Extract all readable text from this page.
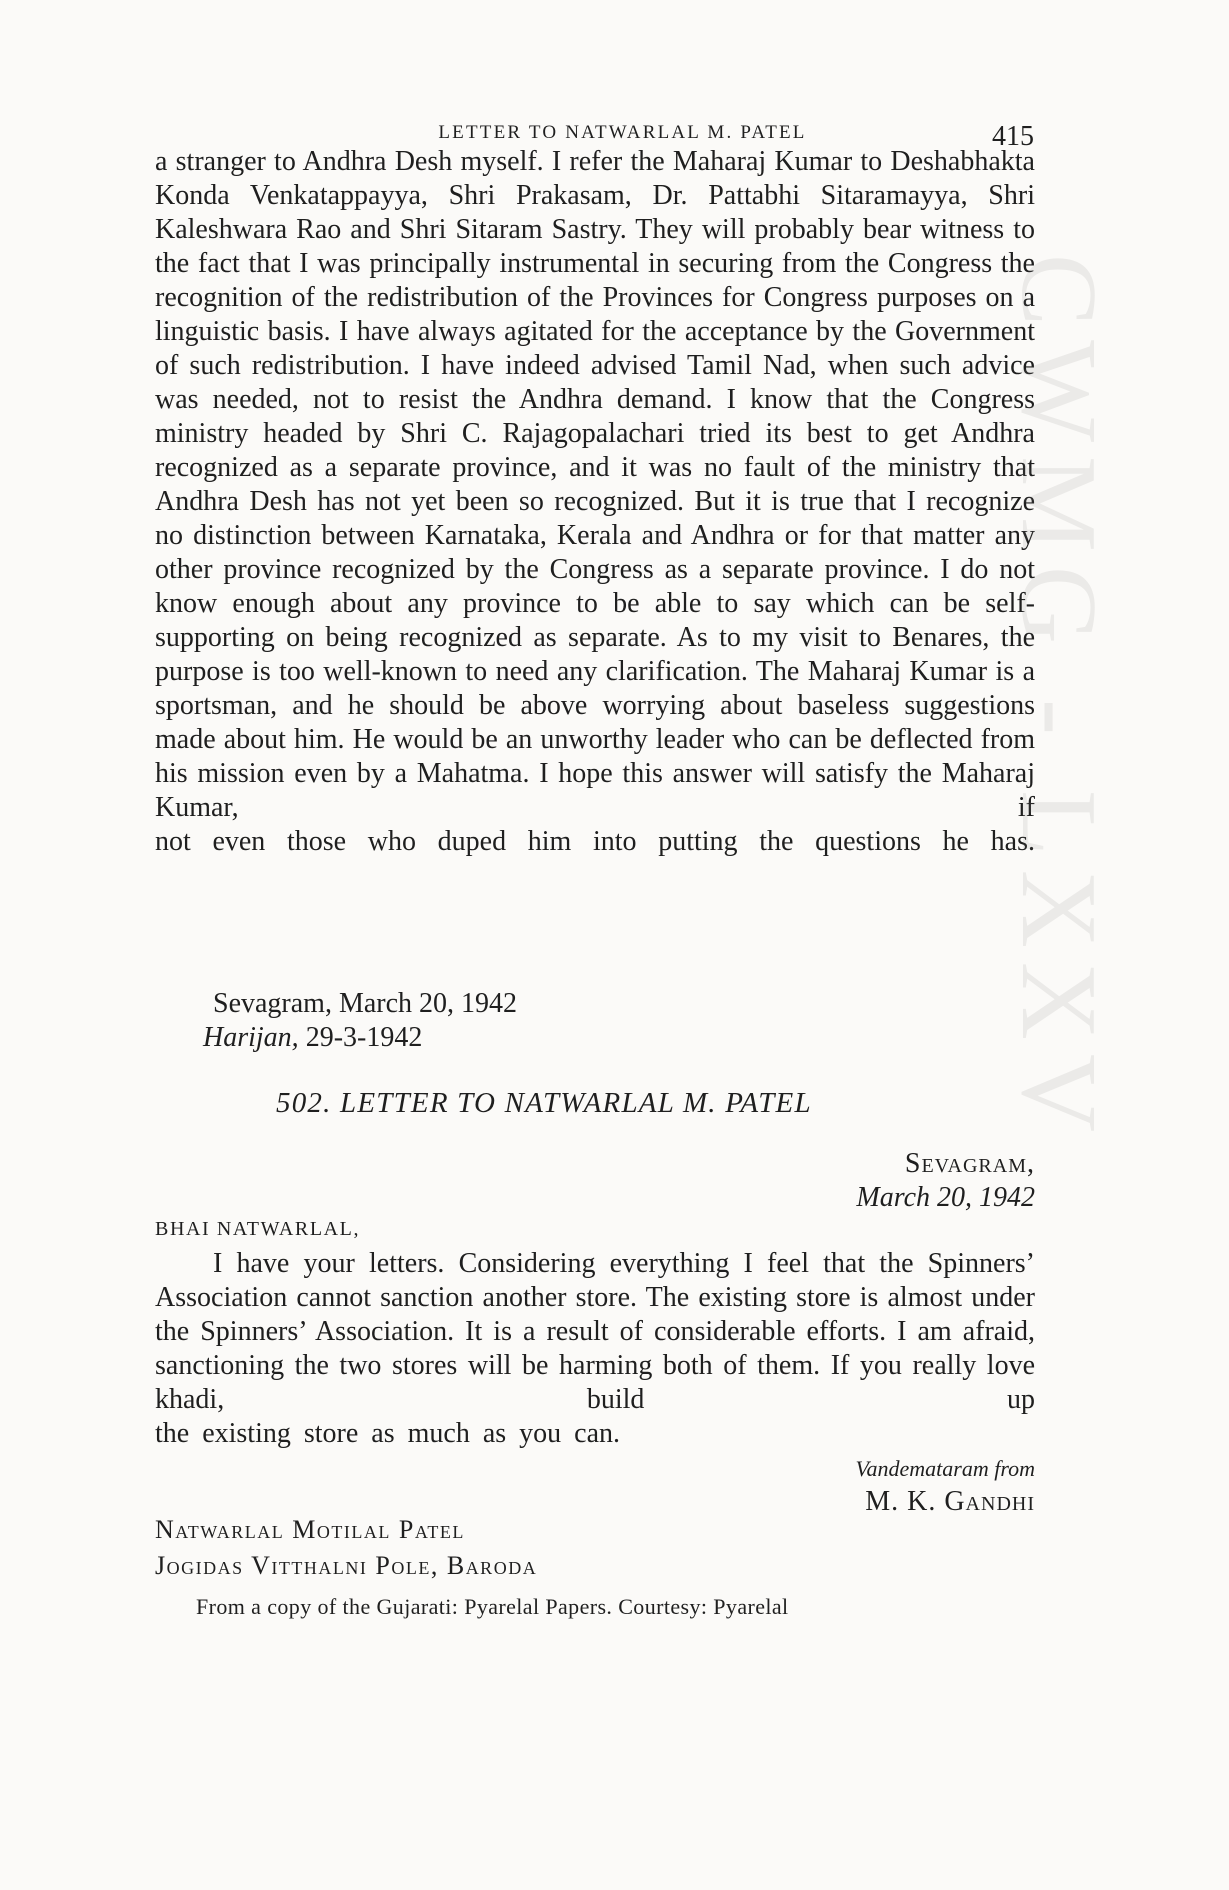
LETTER TO NATWARLAL M. PATEL	415
a stranger to Andhra Desh myself. I refer the Maharaj Kumar to Deshabhakta Konda Venkatappayya, Shri Prakasam, Dr. Pattabhi Sitaramayya, Shri Kaleshwara Rao and Shri Sitaram Sastry. They will probably bear witness to the fact that I was principally instrumental in securing from the Congress the recognition of the redistribution of the Provinces for Congress purposes on a linguistic basis. I have always agitated for the acceptance by the Government of such redistribution. I have indeed advised Tamil Nad, when such advice was needed, not to resist the Andhra demand. I know that the Congress ministry headed by Shri C. Rajagopalachari tried its best to get Andhra recognized as a separate province, and it was no fault of the ministry that Andhra Desh has not yet been so recognized. But it is true that I recognize no distinction between Karnataka, Kerala and Andhra or for that matter any other province recognized by the Congress as a separate province. I do not know enough about any province to be able to say which can be self-supporting on being recognized as separate. As to my visit to Benares, the purpose is too well-known to need any clarification. The Maharaj Kumar is a sportsman, and he should be above worrying about baseless suggestions made about him. He would be an unworthy leader who can be deflected from his mission even by a Mahatma. I hope this answer will satisfy the Maharaj Kumar, if
not even those who duped him into putting the questions he has.
Sevagram, March 20, 1942
Harijan, 29-3-1942
502. LETTER TO NATWARLAL M. PATEL
Sevagram,
March 20, 1942
BHAI NATWARLAL,
I have your letters. Considering everything I feel that the Spinners’ Association cannot sanction another store. The existing store is almost under the Spinners’ Association. It is a result of considerable efforts. I am afraid, sanctioning the two stores will be harming both of them. If you really love khadi, build up
the existing store as much as you can.
Vandemataram from
M. K. Gandhi
Natwarlal Motilal Patel
Jogidas Vitthalni Pole, Baroda
From a copy of the Gujarati: Pyarelal Papers. Courtesy: Pyarelal
CWMG - LXXV
